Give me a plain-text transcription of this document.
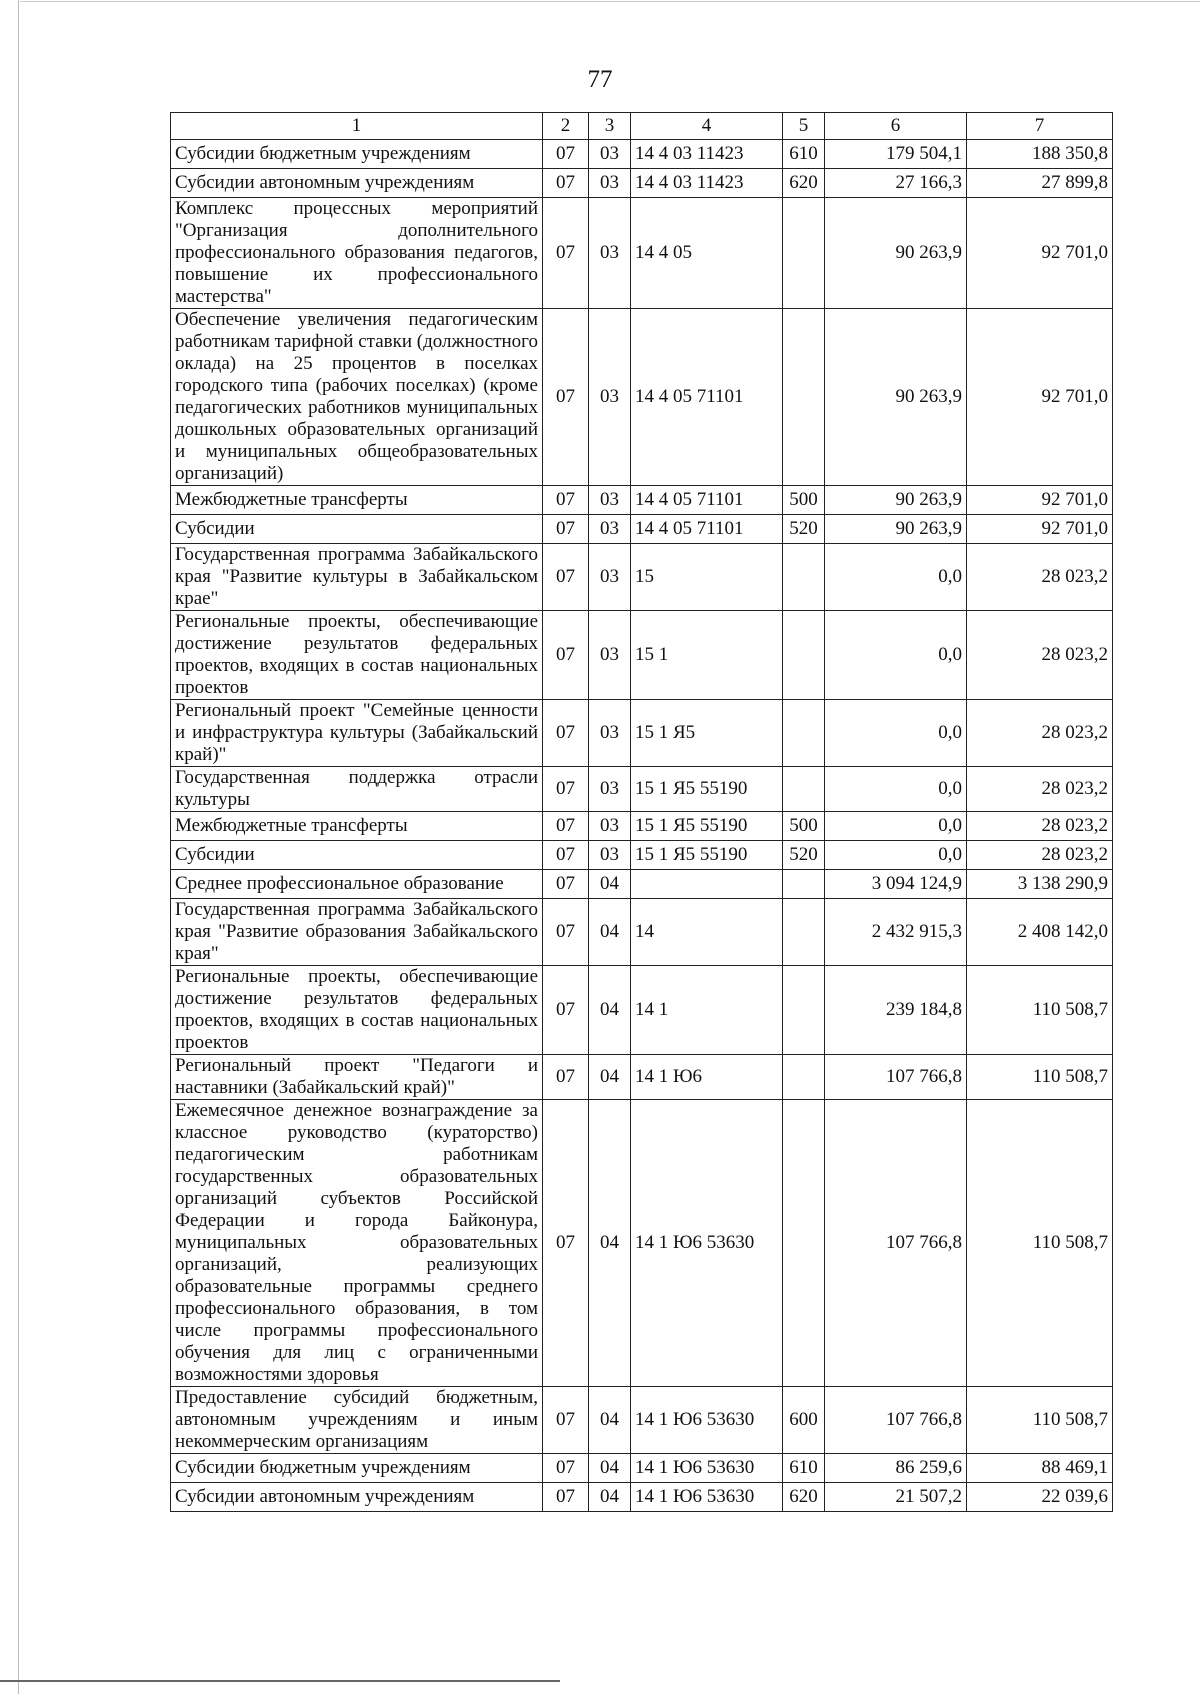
77
1	2	3	4	5	6	7
Субсидии бюджетным учреждениям	07	03	14 4 03 11423	610	179 504,1	188 350,8
Субсидии автономным учреждениям	07	03	14 4 03 11423	620	27 166,3	27 899,8
Комплекс процессных мероприятий "Организация дополнительного профессионального образования педагогов, повышение их профессионального мастерства"	07	03	14 4 05		90 263,9	92 701,0
Обеспечение увеличения педагогическим работникам тарифной ставки (должностного оклада) на 25 процентов в поселках городского типа (рабочих поселках) (кроме педагогических работников муниципальных дошкольных образовательных организаций и муниципальных общеобразовательных организаций)	07	03	14 4 05 71101		90 263,9	92 701,0
Межбюджетные трансферты	07	03	14 4 05 71101	500	90 263,9	92 701,0
Субсидии	07	03	14 4 05 71101	520	90 263,9	92 701,0
Государственная программа Забайкальского края "Развитие культуры в Забайкальском крае"	07	03	15		0,0	28 023,2
Региональные проекты, обеспечивающие достижение результатов федеральных проектов, входящих в состав национальных проектов	07	03	15 1		0,0	28 023,2
Региональный проект "Семейные ценности и инфраструктура культуры (Забайкальский край)"	07	03	15 1 Я5		0,0	28 023,2
Государственная поддержка отрасли культуры	07	03	15 1 Я5 55190		0,0	28 023,2
Межбюджетные трансферты	07	03	15 1 Я5 55190	500	0,0	28 023,2
Субсидии	07	03	15 1 Я5 55190	520	0,0	28 023,2
Среднее профессиональное образование	07	04			3 094 124,9	3 138 290,9
Государственная программа Забайкальского края "Развитие образования Забайкальского края"	07	04	14		2 432 915,3	2 408 142,0
Региональные проекты, обеспечивающие достижение результатов федеральных проектов, входящих в состав национальных проектов	07	04	14 1		239 184,8	110 508,7
Региональный проект "Педагоги и наставники (Забайкальский край)"	07	04	14 1 Ю6		107 766,8	110 508,7
Ежемесячное денежное вознаграждение за классное руководство (кураторство) педагогическим работникам государственных образовательных организаций субъектов Российской Федерации и города Байконура, муниципальных образовательных организаций, реализующих образовательные программы среднего профессионального образования, в том числе программы профессионального обучения для лиц с ограниченными возможностями здоровья	07	04	14 1 Ю6 53630		107 766,8	110 508,7
Предоставление субсидий бюджетным, автономным учреждениям и иным некоммерческим организациям	07	04	14 1 Ю6 53630	600	107 766,8	110 508,7
Субсидии бюджетным учреждениям	07	04	14 1 Ю6 53630	610	86 259,6	88 469,1
Субсидии автономным учреждениям	07	04	14 1 Ю6 53630	620	21 507,2	22 039,6
